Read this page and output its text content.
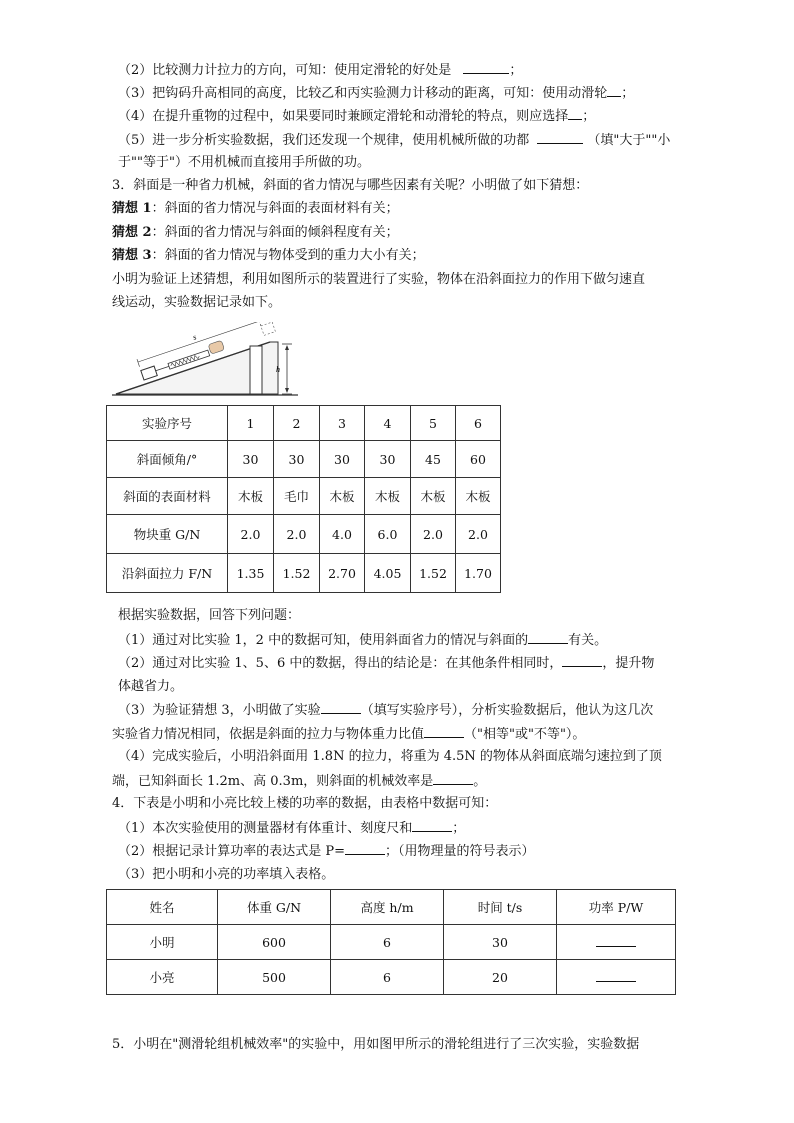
（2）比较测力计拉力的方向，可知：使用定滑轮的好处是	；
（3）把钩码升高相同的高度，比较乙和丙实验测力计移动的距离，可知：使用动滑轮 ；
（4）在提升重物的过程中，如果要同时兼顾定滑轮和动滑轮的特点，则应选择 ；
（5）进一步分析实验数据，我们还发现一个规律，使用机械所做的功都	（填"大于""小
于""等于"）不用机械而直接用手所做的功。
3．斜面是一种省力机械，斜面的省力情况与哪些因素有关呢？小明做了如下猜想：
猜想 1：斜面的省力情况与斜面的表面材料有关；
猜想 2：斜面的省力情况与斜面的倾斜程度有关；
猜想 3：斜面的省力情况与物体受到的重力大小有关；
小明为验证上述猜想，利用如图所示的装置进行了实验，物体在沿斜面拉力的作用下做匀速直
线运动，实验数据记录如下。
h
s
实验序号	1	2	3	4	5	6
斜面倾角/°	30	30	30	30	45	60
斜面的表面材料	木板	毛巾	木板	木板	木板	木板
物块重 G/N	2.0	2.0	4.0	6.0	2.0	2.0
沿斜面拉力 F/N	1.35	1.52	2.70	4.05	1.52	1.70
根据实验数据，回答下列问题：
（1）通过对比实验 1，2 中的数据可知，使用斜面省力的情况与斜面的	有关。
（2）通过对比实验 1、5、6 中的数据，得出的结论是：在其他条件相同时，	，提升物
体越省力。
（3）为验证猜想 3，小明做了实验	（填写实验序号），分析实验数据后，他认为这几次
实验省力情况相同，依据是斜面的拉力与物体重力比值	（"相等"或"不等"）。
（4）完成实验后，小明沿斜面用 1.8N 的拉力，将重为 4.5N 的物体从斜面底端匀速拉到了顶
端，已知斜面长 1.2m、高 0.3m，则斜面的机械效率是	。
4．下表是小明和小亮比较上楼的功率的数据，由表格中数据可知：
（1）本次实验使用的测量器材有体重计、刻度尺和	；
（2）根据记录计算功率的表达式是 P=	；（用物理量的符号表示）
（3）把小明和小亮的功率填入表格。
姓名	体重 G/N	高度 h/m	时间 t/s	功率 P/W
小明	600	6	30	
小亮	500	6	20	
5．小明在"测滑轮组机械效率"的实验中，用如图甲所示的滑轮组进行了三次实验，实验数据
